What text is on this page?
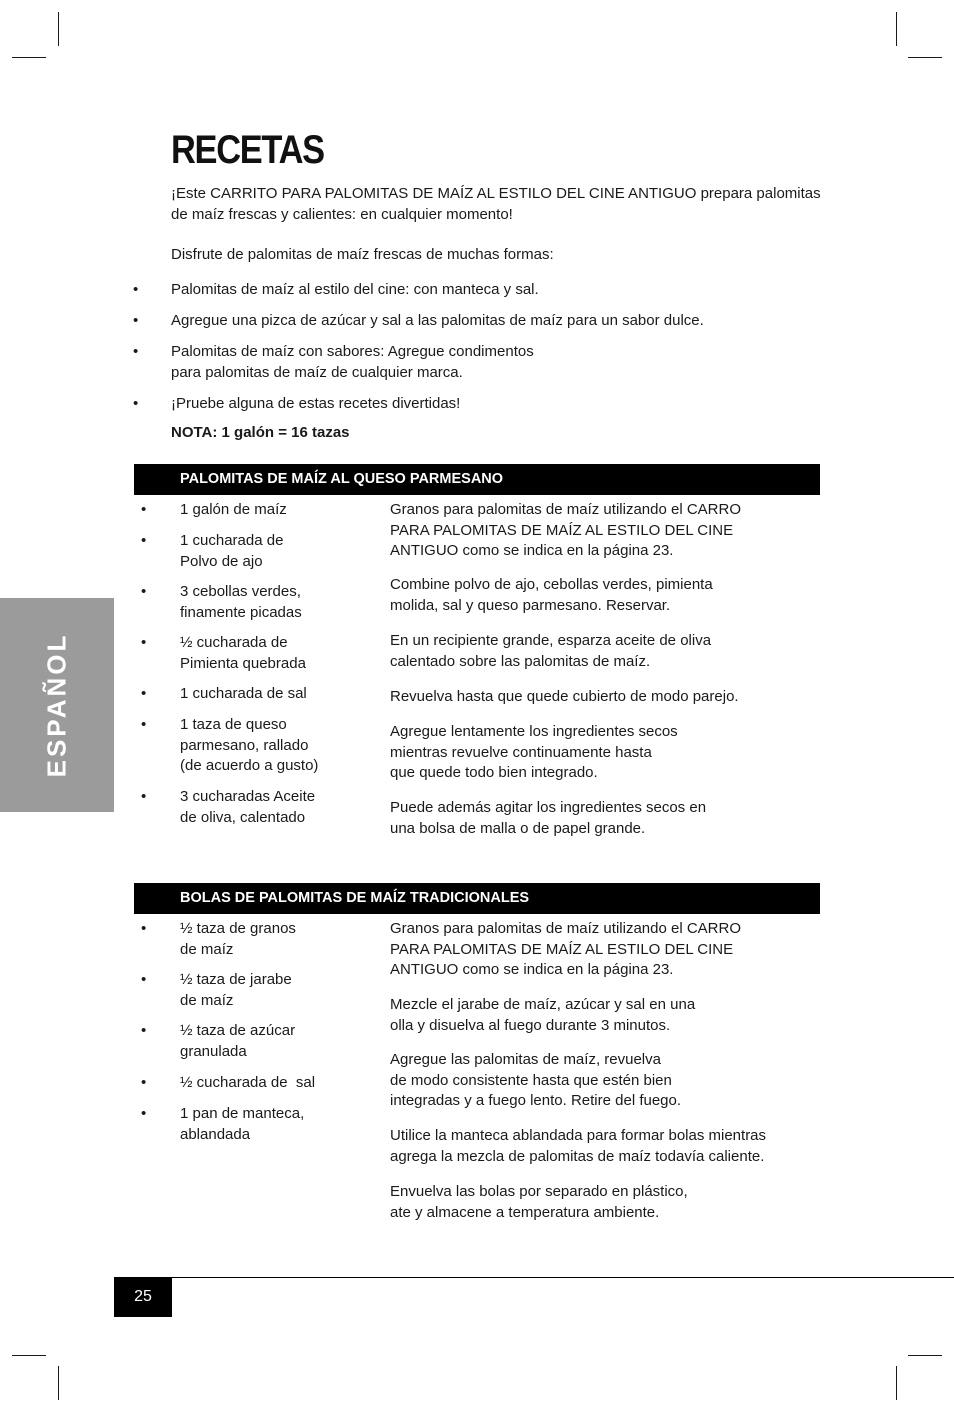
RECETAS
¡Este CARRITO PARA PALOMITAS DE MAÍZ AL ESTILO DEL CINE ANTIGUO prepara palomitas
de maíz frescas y calientes: en cualquier momento!
Disfrute de palomitas de maíz frescas de muchas formas:
• Palomitas de maíz al estilo del cine: con manteca y sal.
• Agregue una pizca de azúcar y sal a las palomitas de maíz para un sabor dulce.
• Palomitas de maíz con sabores: Agregue condimentos
para palomitas de maíz de cualquier marca.
• ¡Pruebe alguna de estas recetes divertidas!
NOTA: 1 galón = 16 tazas
PALOMITAS DE MAÍZ AL QUESO PARMESANO
• 1 galón de maíz
• 1 cucharada de
Polvo de ajo
• 3 cebollas verdes,
finamente picadas
• ½ cucharada de
Pimienta quebrada
• 1 cucharada de sal
• 1 taza de queso
parmesano, rallado
(de acuerdo a gusto)
• 3 cucharadas Aceite
de oliva, calentado
Granos para palomitas de maíz utilizando el CARRO
PARA PALOMITAS DE MAÍZ AL ESTILO DEL CINE
ANTIGUO como se indica en la página 23.
Combine polvo de ajo, cebollas verdes, pimienta
molida, sal y queso parmesano. Reservar.
En un recipiente grande, esparza aceite de oliva
calentado sobre las palomitas de maíz.
Revuelva hasta que quede cubierto de modo parejo.
Agregue lentamente los ingredientes secos
mientras revuelve continuamente hasta
que quede todo bien integrado.
Puede además agitar los ingredientes secos en
una bolsa de malla o de papel grande.
BOLAS DE PALOMITAS DE MAÍZ TRADICIONALES
• ½ taza de granos
de maíz
• ½ taza de jarabe
de maíz
• ½ taza de azúcar
granulada
• ½ cucharada de  sal
• 1 pan de manteca,
ablandada
Granos para palomitas de maíz utilizando el CARRO
PARA PALOMITAS DE MAÍZ AL ESTILO DEL CINE
ANTIGUO como se indica en la página 23.
Mezcle el jarabe de maíz, azúcar y sal en una
olla y disuelva al fuego durante 3 minutos.
Agregue las palomitas de maíz, revuelva
de modo consistente hasta que estén bien
integradas y a fuego lento. Retire del fuego.
Utilice la manteca ablandada para formar bolas mientras
agrega la mezcla de palomitas de maíz todavía caliente.
Envuelva las bolas por separado en plástico,
ate y almacene a temperatura ambiente.
ESPAÑOL
25
